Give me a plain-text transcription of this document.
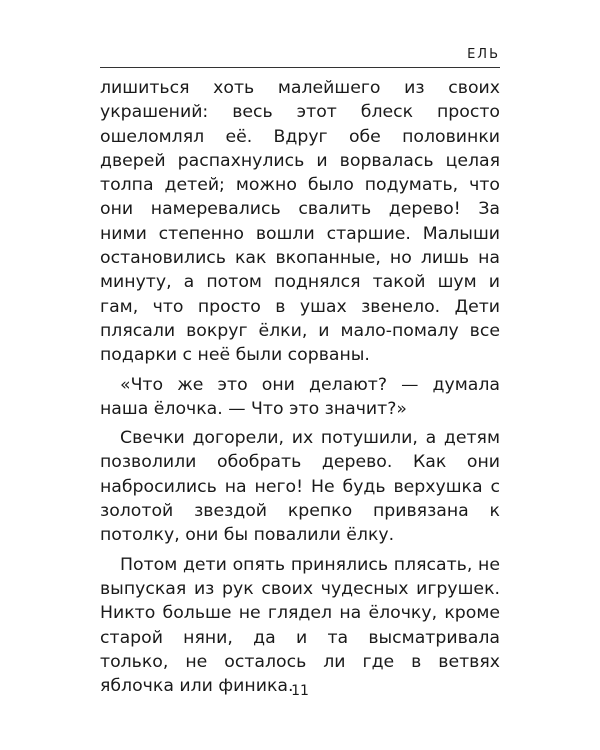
ЕЛЬ

лишиться хоть малейшего из своих украшений: весь этот блеск просто ошеломлял её. Вдруг обе половинки дверей распахнулись и ворвалась целая толпа детей; можно было подумать, что они намеревались свалить дерево! За ними степенно вошли старшие. Малыши остановились как вкопанные, но лишь на минуту, а потом поднялся такой шум и гам, что просто в ушах звенело. Дети плясали вокруг ёлки, и мало-помалу все подарки с неё были сорваны.

«Что же это они делают? — думала наша ёлочка. — Что это значит?»

Свечки догорели, их потушили, а детям позволили обобрать дерево. Как они набросились на него! Не будь верхушка с золотой звездой крепко привязана к потолку, они бы повалили ёлку.

Потом дети опять принялись плясать, не выпуская из рук своих чудесных игрушек. Никто больше не глядел на ёлочку, кроме старой няни, да и та высматривала только, не осталось ли где в ветвях яблочка или финика.

11
